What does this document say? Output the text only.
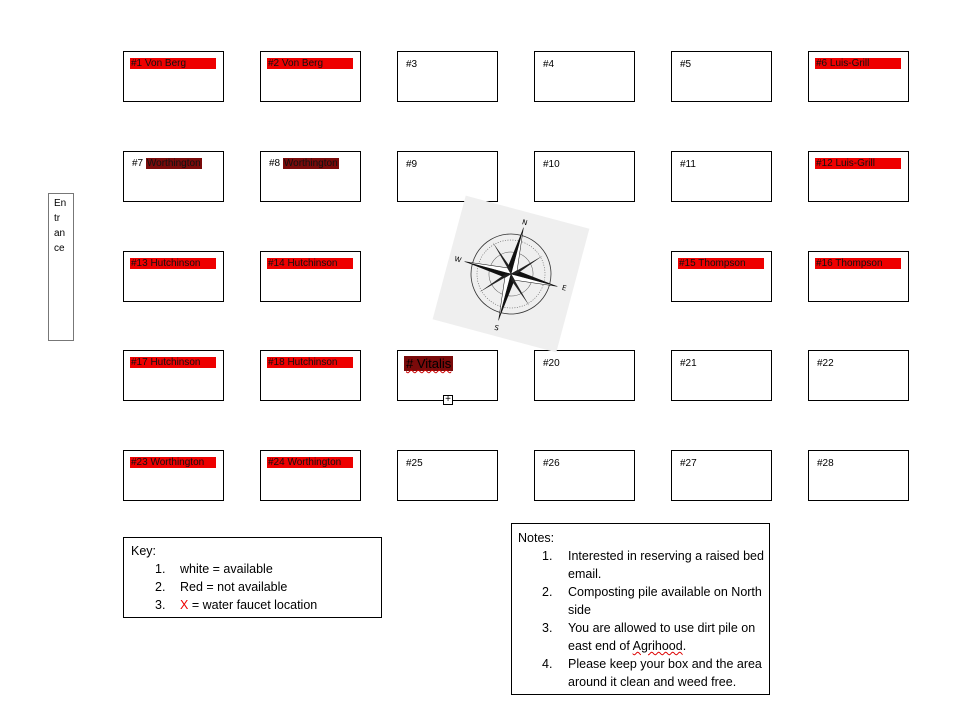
En
tr
an
ce
#1 Von Berg	#2 Von Berg	#3	#4	#5	#6 Luis-Grill
#7 Worthington	#8 Worthington	#9	#10	#11	#12 Luis-Grill
#13 Hutchinson	#14 Hutchinson	#15 Thompson	#16 Thompson
#17 Hutchinson	#18 Hutchinson	# Vitalis	#20	#21	#22
#23 Worthington	#24 Worthington	#25	#26	#27	#28
N
S
E
W
+
Key:
1. white = available
2. Red = not available
3. X = water faucet location
Notes:
1. Interested in reserving a raised bed email.
2. Composting pile available on North side
3. You are allowed to use dirt pile on east end of Agrihood.
4. Please keep your box and the area around it clean and weed free.
